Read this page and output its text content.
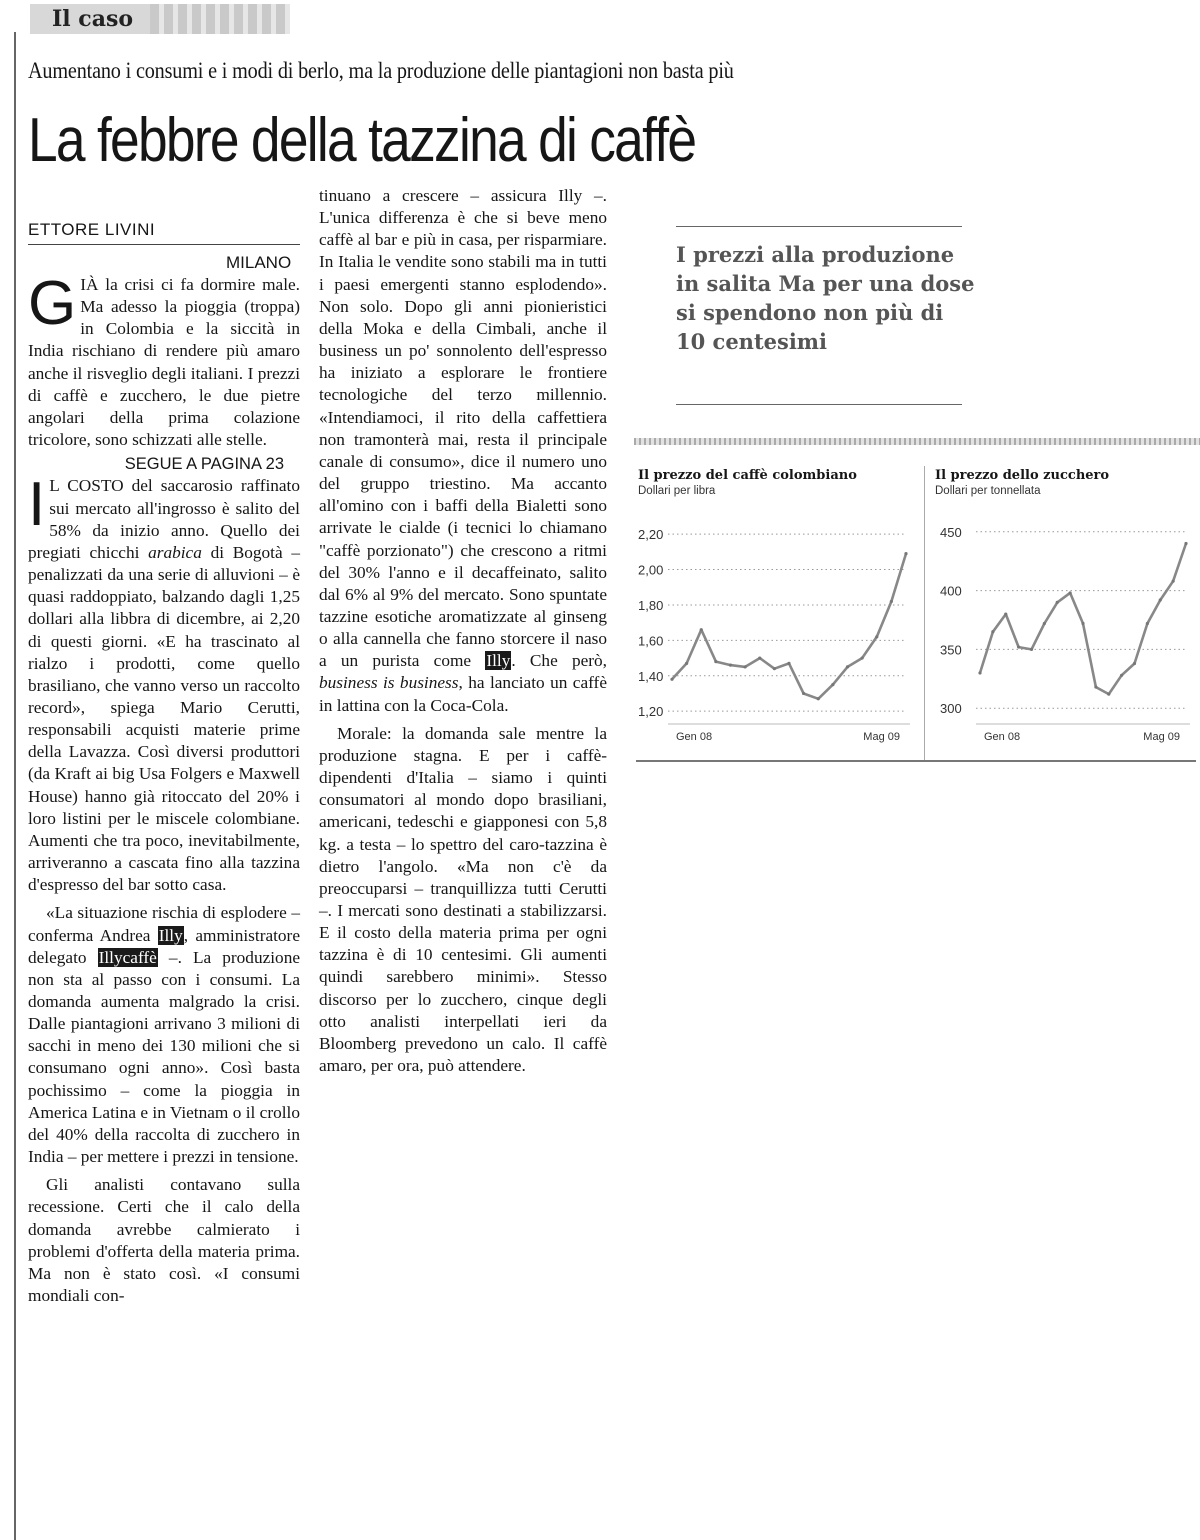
Il caso
Aumentano i consumi e i modi di berlo, ma la produzione delle piantagioni non basta più
La febbre della tazzina di caffè
ETTORE LIVINI
MILANO

GIÀ la crisi ci fa dormire male. Ma adesso la pioggia (troppa) in Colombia e la siccità in India rischiano di rendere più amaro anche il risveglio degli italiani. I prezzi di caffè e zucchero, le due pietre angolari della prima colazione tricolore, sono schizzati alle stelle.

SEGUE A PAGINA 23

I L COSTO del saccarosio raffinato sui mercato all'ingrosso è salito del 58% da inizio anno. Quello dei pregiati chicchi arabica di Bogotà – penalizzati da una serie di alluvioni – è quasi raddoppiato, balzando dagli 1,25 dollari alla libbra di dicembre, ai 2,20 di questi giorni. «E ha trascinato al rialzo i prodotti, come quello brasiliano, che vanno verso un raccolto record», spiega Mario Cerutti, responsabili acquisti materie prime della Lavazza. Così diversi produttori (da Kraft ai big Usa Folgers e Maxwell House) hanno già ritoccato del 20% i loro listini per le miscele colombiane. Aumenti che tra poco, inevitabilmente, arriveranno a cascata fino alla tazzina d'espresso del bar sotto casa.

«La situazione rischia di esplodere – conferma Andrea Illy, amministratore delegato Illycaffè –. La produzione non sta al passo con i consumi. La domanda aumenta malgrado la crisi. Dalle piantagioni arrivano 3 milioni di sacchi in meno dei 130 milioni che si consumano ogni anno». Così basta pochissimo – come la pioggia in America Latina e in Vietnam o il crollo del 40% della raccolta di zucchero in India – per mettere i prezzi in tensione.

Gli analisti contavano sulla recessione. Certi che il calo della domanda avrebbe calmierato i problemi d'offerta della materia prima. Ma non è stato così. «I consumi mondiali con-

tinuano a crescere – assicura Illy –. L'unica differenza è che si beve meno caffè al bar e più in casa, per risparmiare. In Italia le vendite sono stabili ma in tutti i paesi emergenti stanno esplodendo». Non solo. Dopo gli anni pionieristici della Moka e della Cimbali, anche il business un po' sonnolento dell'espresso ha iniziato a esplorare le frontiere tecnologiche del terzo millennio. «Intendiamoci, il rito della caffettiera non tramonterà mai, resta il principale canale di consumo», dice il numero uno del gruppo triestino. Ma accanto all'omino con i baffi della Bialetti sono arrivate le cialde (i tecnici lo chiamano "caffè porzionato") che crescono a ritmi del 30% l'anno e il decaffeinato, salito dal 6% al 9% del mercato. Sono spuntate tazzine esotiche aromatizzate al ginseng o alla cannella che fanno storcere il naso a un purista come Illy. Che però, business is business, ha lanciato un caffè in lattina con la Coca-Cola.

Morale: la domanda sale mentre la produzione stagna. E per i caffè-dipendenti d'Italia – siamo i quinti consumatori al mondo dopo brasiliani, americani, tedeschi e giapponesi con 5,8 kg. a testa – lo spettro del caro-tazzina è dietro l'angolo. «Ma non c'è da preoccuparsi – tranquillizza tutti Cerutti –. I mercati sono destinati a stabilizzarsi. E il costo della materia prima per ogni tazzina è di 10 centesimi. Gli aumenti quindi sarebbero minimi». Stesso discorso per lo zucchero, cinque degli otto analisti interpellati ieri da Bloomberg prevedono un calo. Il caffè amaro, per ora, può attendere.

I prezzi alla produzione in salita Ma per una dose si spendono non più di 10 centesimi
Il prezzo del caffè colombiano
Dollari per libra
2,20
2,00
1,80
1,60
1,40
1,20
Gen 08	Mag 09
Il prezzo dello zucchero
Dollari per tonnellata
450
400
350
300
Gen 08	Mag 09
